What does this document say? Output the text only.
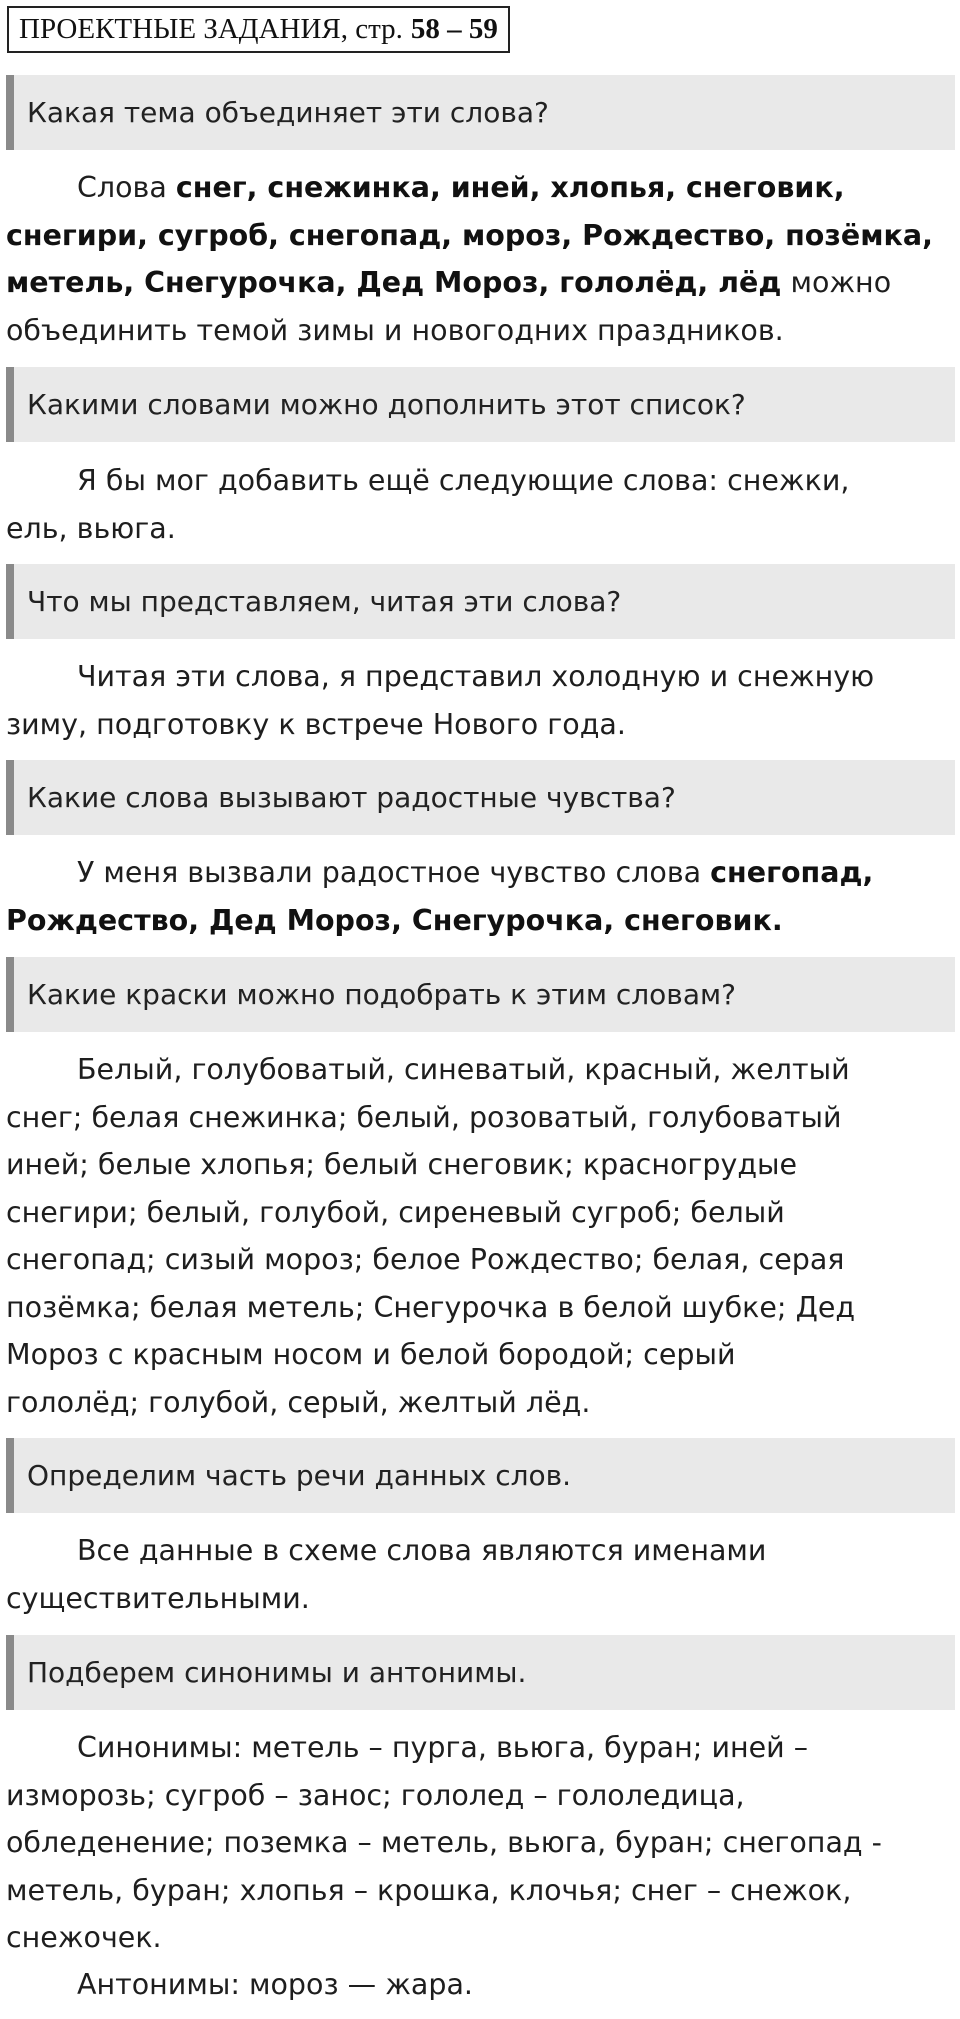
ПРОЕКТНЫЕ ЗАДАНИЯ, стр. 58 – 59
Какая тема объединяет эти слова?
Слова снег, снежинка, иней, хлопья, снеговик,
снегири, сугроб, снегопад, мороз, Рождество, позёмка,
метель, Снегурочка, Дед Мороз, гололёд, лёд можно
объединить темой зимы и новогодних праздников.
Какими словами можно дополнить этот список?
Я бы мог добавить ещё следующие слова: снежки,
ель, вьюга.
Что мы представляем, читая эти слова?
Читая эти слова, я представил холодную и снежную
зиму, подготовку к встрече Нового года.
Какие слова вызывают радостные чувства?
У меня вызвали радостное чувство слова снегопад,
Рождество, Дед Мороз, Снегурочка, снеговик.
Какие краски можно подобрать к этим словам?
Белый, голубоватый, синеватый, красный, желтый
снег; белая снежинка; белый, розоватый, голубоватый
иней; белые хлопья; белый снеговик; красногрудые
снегири; белый, голубой, сиреневый сугроб; белый
снегопад; сизый мороз; белое Рождество; белая, серая
позёмка; белая метель; Снегурочка в белой шубке; Дед
Мороз с красным носом и белой бородой; серый
гололёд; голубой, серый, желтый лёд.
Определим часть речи данных слов.
Все данные в схеме слова являются именами
существительными.
Подберем синонимы и антонимы.
Синонимы: метель – пурга, вьюга, буран; иней –
изморозь; сугроб – занос; гололед – гололедица,
обледенение; поземка – метель, вьюга, буран; снегопад -
метель, буран; хлопья – крошка, клочья; снег – снежок,
снежочек.
Антонимы: мороз — жара.
